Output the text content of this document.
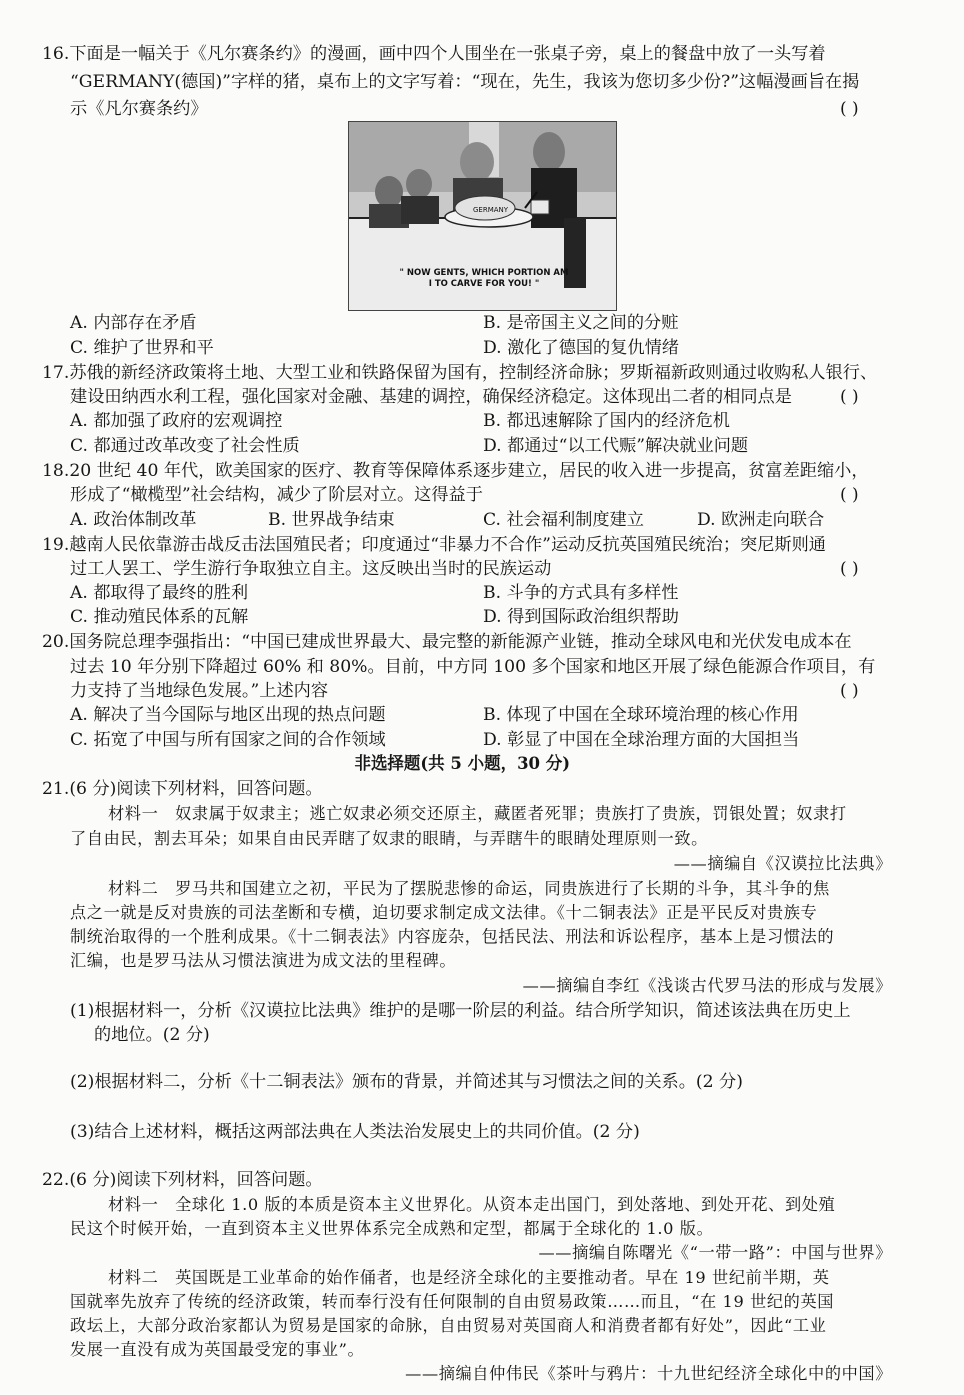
16.下面是一幅关于《凡尔赛条约》的漫画，画中四个人围坐在一张桌子旁，桌上的餐盘中放了一头写着
“GERMANY(德国)”字样的猪，桌布上的文字写着：“现在，先生，我该为您切多少份?”这幅漫画旨在揭
示《凡尔赛条约》	( )
GERMANY
" NOW GENTS, WHICH PORTION AM
I TO CARVE FOR YOU! "
A. 内部存在矛盾	B. 是帝国主义之间的分赃
C. 维护了世界和平	D. 激化了德国的复仇情绪
17.苏俄的新经济政策将土地、大型工业和铁路保留为国有，控制经济命脉；罗斯福新政则通过收购私人银行、
建设田纳西水利工程，强化国家对金融、基建的调控，确保经济稳定。这体现出二者的相同点是	( )
A. 都加强了政府的宏观调控	B. 都迅速解除了国内的经济危机
C. 都通过改革改变了社会性质	D. 都通过“以工代赈”解决就业问题
18.20 世纪 40 年代，欧美国家的医疗、教育等保障体系逐步建立，居民的收入进一步提高，贫富差距缩小，
形成了“橄榄型”社会结构，减少了阶层对立。这得益于	( )
A. 政治体制改革	B. 世界战争结束	C. 社会福利制度建立	D. 欧洲走向联合
19.越南人民依靠游击战反击法国殖民者；印度通过“非暴力不合作”运动反抗英国殖民统治；突尼斯则通
过工人罢工、学生游行争取独立自主。这反映出当时的民族运动	( )
A. 都取得了最终的胜利	B. 斗争的方式具有多样性
C. 推动殖民体系的瓦解	D. 得到国际政治组织帮助
20.国务院总理李强指出：“中国已建成世界最大、最完整的新能源产业链，推动全球风电和光伏发电成本在
过去 10 年分别下降超过 60% 和 80%。目前，中方同 100 多个国家和地区开展了绿色能源合作项目，有
力支持了当地绿色发展。”上述内容	( )
A. 解决了当今国际与地区出现的热点问题	B. 体现了中国在全球环境治理的核心作用
C. 拓宽了中国与所有国家之间的合作领域	D. 彰显了中国在全球治理方面的大国担当
非选择题(共 5 小题，30 分)
21.(6 分)阅读下列材料，回答问题。
材料一　奴隶属于奴隶主；逃亡奴隶必须交还原主，藏匿者死罪；贵族打了贵族，罚银处置；奴隶打
了自由民，割去耳朵；如果自由民弄瞎了奴隶的眼睛，与弄瞎牛的眼睛处理原则一致。
——摘编自《汉谟拉比法典》
材料二　罗马共和国建立之初，平民为了摆脱悲惨的命运，同贵族进行了长期的斗争，其斗争的焦
点之一就是反对贵族的司法垄断和专横，迫切要求制定成文法律。《十二铜表法》正是平民反对贵族专
制统治取得的一个胜利成果。《十二铜表法》内容庞杂，包括民法、刑法和诉讼程序，基本上是习惯法的
汇编，也是罗马法从习惯法演进为成文法的里程碑。
——摘编自李红《浅谈古代罗马法的形成与发展》
(1)根据材料一，分析《汉谟拉比法典》维护的是哪一阶层的利益。结合所学知识，简述该法典在历史上
的地位。(2 分)
(2)根据材料二，分析《十二铜表法》颁布的背景，并简述其与习惯法之间的关系。(2 分)
(3)结合上述材料，概括这两部法典在人类法治发展史上的共同价值。(2 分)
22.(6 分)阅读下列材料，回答问题。
材料一　全球化 1.0 版的本质是资本主义世界化。从资本走出国门，到处落地、到处开花、到处殖
民这个时候开始，一直到资本主义世界体系完全成熟和定型，都属于全球化的 1.0 版。
——摘编自陈曙光《“一带一路”：中国与世界》
材料二　英国既是工业革命的始作俑者，也是经济全球化的主要推动者。早在 19 世纪前半期，英
国就率先放弃了传统的经济政策，转而奉行没有任何限制的自由贸易政策……而且，“在 19 世纪的英国
政坛上，大部分政治家都认为贸易是国家的命脉，自由贸易对英国商人和消费者都有好处”，因此“工业
发展一直没有成为英国最受宠的事业”。
——摘编自仲伟民《茶叶与鸦片：十九世纪经济全球化中的中国》
